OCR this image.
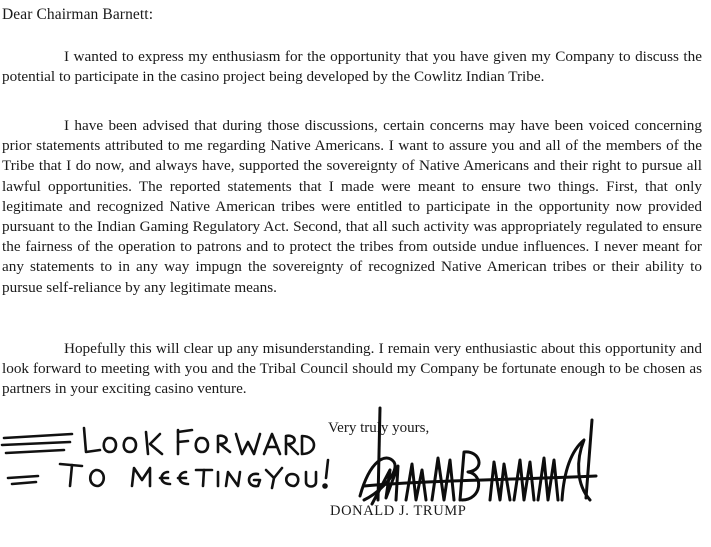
Dear Chairman Barnett:

I wanted to express my enthusiasm for the opportunity that you have given my Company to discuss the potential to participate in the casino project being developed by the Cowlitz Indian Tribe.

I have been advised that during those discussions, certain concerns may have been voiced concerning prior statements attributed to me regarding Native Americans. I want to assure you and all of the members of the Tribe that I do now, and always have, supported the sovereignty of Native Americans and their right to pursue all lawful opportunities. The reported statements that I made were meant to ensure two things. First, that only legitimate and recognized Native American tribes were entitled to participate in the opportunity now provided pursuant to the Indian Gaming Regulatory Act. Second, that all such activity was appropriately regulated to ensure the fairness of the operation to patrons and to protect the tribes from outside undue influences. I never meant for any statements to in any way impugn the sovereignty of recognized Native American tribes or their ability to pursue self-reliance by any legitimate means.

Hopefully this will clear up any misunderstanding. I remain very enthusiastic about this opportunity and look forward to meeting with you and the Tribal Council should my Company be fortunate enough to be chosen as partners in your exciting casino venture.

Very truly yours,
DONALD J. TRUMP
